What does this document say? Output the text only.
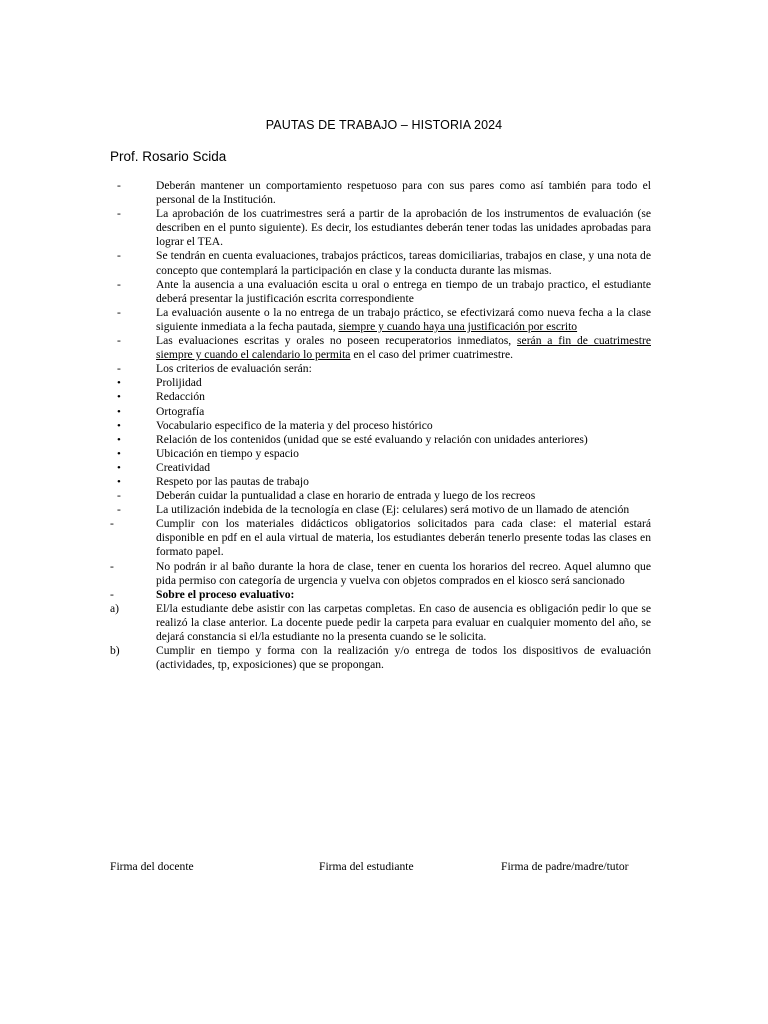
PAUTAS DE TRABAJO – HISTORIA 2024
Prof. Rosario Scida
-	Deberán mantener un comportamiento respetuoso para con sus pares como así también para todo el personal de la Institución.
-	La aprobación de los cuatrimestres será a partir de la aprobación de los instrumentos de evaluación (se describen en el punto siguiente). Es decir, los estudiantes deberán tener todas las unidades aprobadas para lograr el TEA.
-	Se tendrán en cuenta evaluaciones, trabajos prácticos, tareas domiciliarias, trabajos en clase, y una nota de concepto que contemplará la participación en clase y la conducta durante las mismas.
-	Ante la ausencia a una evaluación escita u oral o entrega en tiempo de un trabajo practico, el estudiante deberá presentar la justificación escrita correspondiente
-	La evaluación ausente o la no entrega de un trabajo práctico, se efectivizará como nueva fecha a la clase siguiente inmediata a la fecha pautada, siempre y cuando haya una justificación por escrito
-	Las evaluaciones escritas y orales no poseen recuperatorios inmediatos, serán a fin de cuatrimestre siempre y cuando el calendario lo permita en el caso del primer cuatrimestre.
-	Los criterios de evaluación serán:
•	Prolijidad
•	Redacción
•	Ortografía
•	Vocabulario especifico de la materia y del proceso histórico
•	Relación de los contenidos (unidad que se esté evaluando y relación con unidades anteriores)
•	Ubicación en tiempo y espacio
•	Creatividad
•	Respeto por las pautas de trabajo
-	Deberán cuidar la puntualidad a clase en horario de entrada y luego de los recreos
-	La utilización indebida de la tecnología en clase (Ej: celulares) será motivo de un llamado de atención
-	Cumplir con los materiales didácticos obligatorios solicitados para cada clase: el material estará disponible en pdf en el aula virtual de materia, los estudiantes deberán tenerlo presente todas las clases en formato papel.
-	No podrán ir al baño durante la hora de clase, tener en cuenta los horarios del recreo. Aquel alumno que pida permiso con categoría de urgencia y vuelva con objetos comprados en el kiosco será sancionado
-	Sobre el proceso evaluativo:
a)	El/la estudiante debe asistir con las carpetas completas. En caso de ausencia es obligación pedir lo que se realizó la clase anterior. La docente puede pedir la carpeta para evaluar en cualquier momento del año, se dejará constancia si el/la estudiante no la presenta cuando se le solicita.
b)	Cumplir en tiempo y forma con la realización y/o entrega de todos los dispositivos de evaluación (actividades, tp, exposiciones) que se propongan.
Firma del docente	Firma del estudiante	Firma de padre/madre/tutor
